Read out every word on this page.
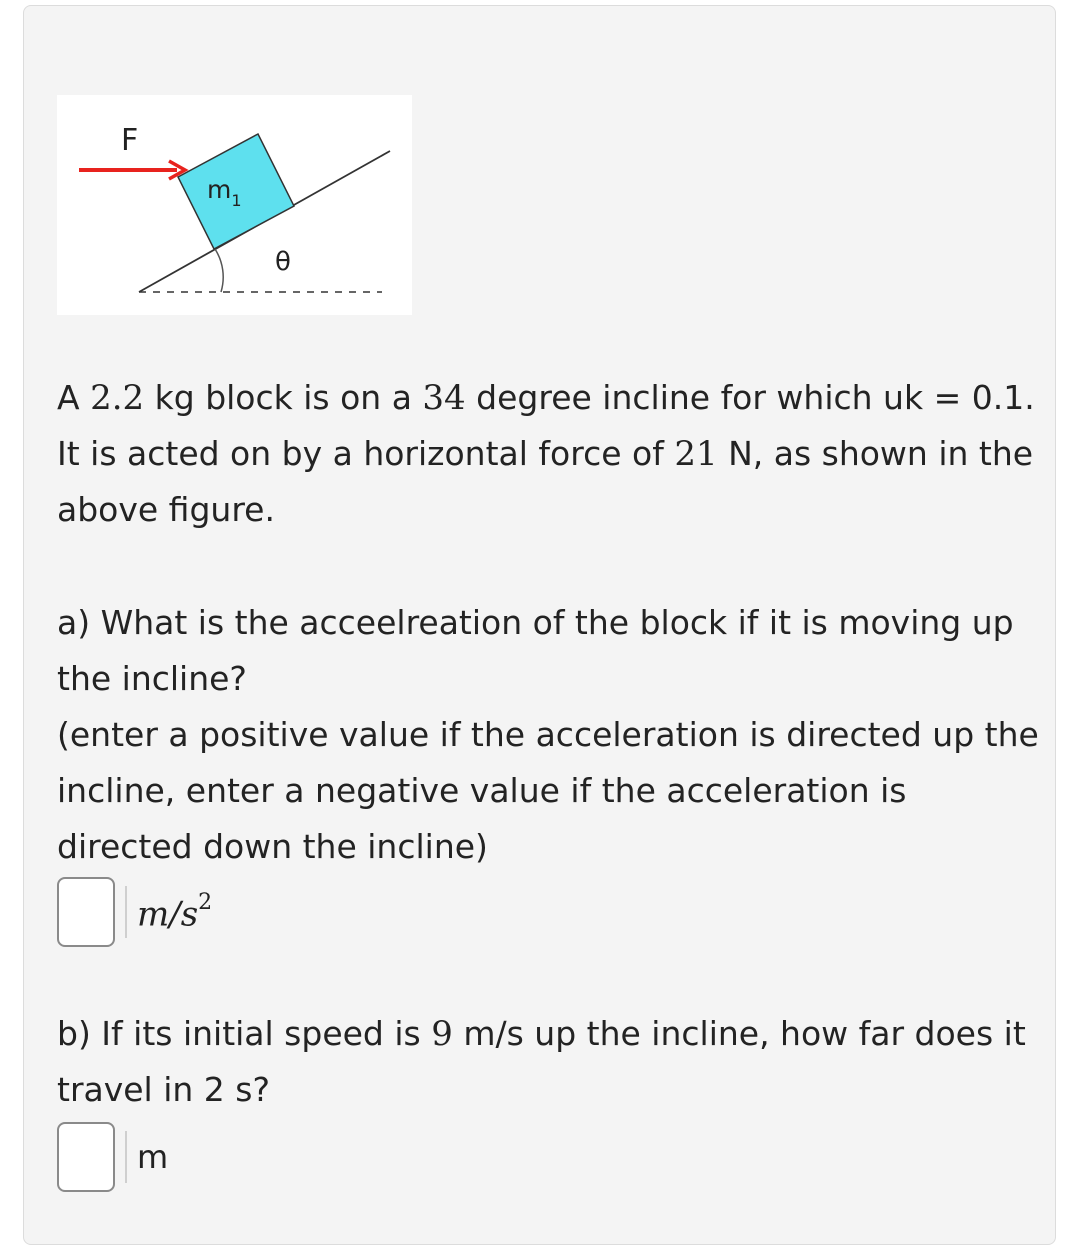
F
$m_1$
θ
A 2.2 kg block is on a 34 degree incline for which uk = 0.1. It is acted on by a horizontal force of 21 N, as shown in the above figure.
a) What is the acceelreation of the block if it is moving up the incline?
(enter a positive value if the acceleration is directed up the incline, enter a negative value if the acceleration is directed down the incline)
$m/s^2$
b) If its initial speed is 9 m/s up the incline, how far does it travel in 2 s?
m
